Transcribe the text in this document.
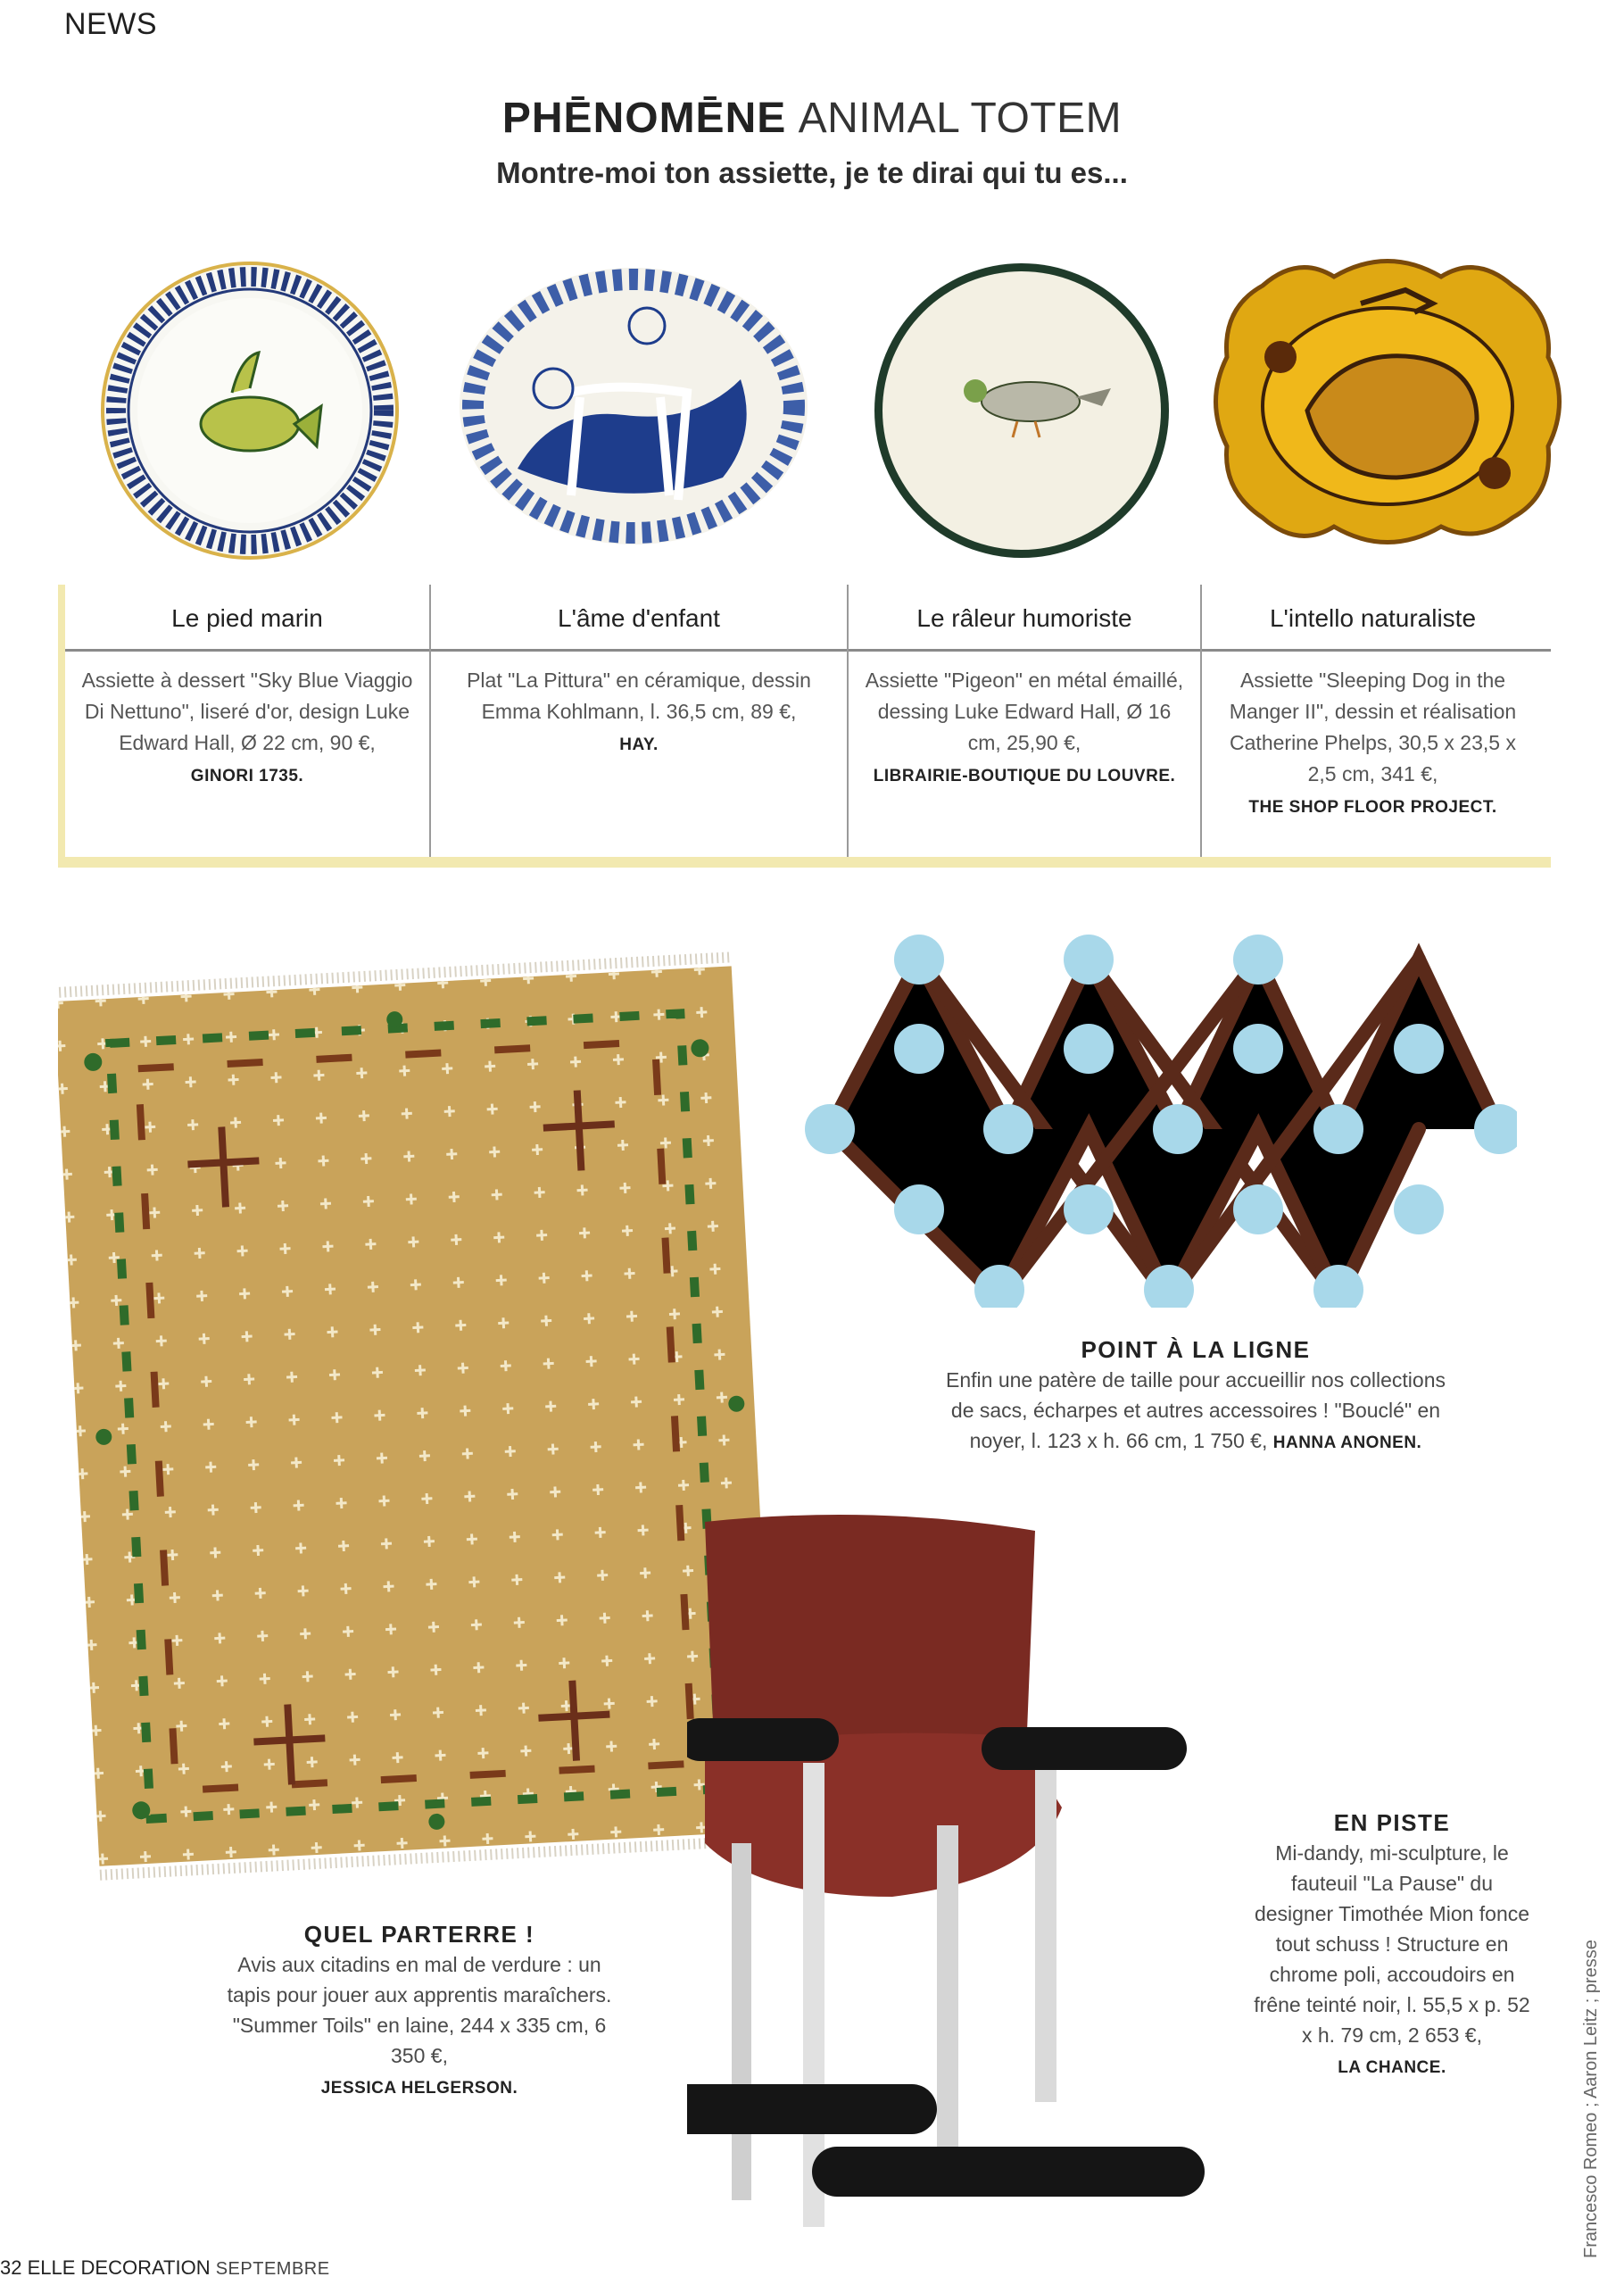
NEWS
PHĒNOMĒNE ANIMAL TOTEM
Montre-moi ton assiette, je te dirai qui tu es...
Le pied marin
Assiette à dessert "Sky Blue Viaggio Di Nettuno", liseré d'or, design Luke Edward Hall, Ø 22 cm, 90 €,
GINORI 1735.
L'âme d'enfant
Plat "La Pittura" en céramique, dessin Emma Kohlmann, l. 36,5 cm, 89 €,
HAY.
Le râleur humoriste
Assiette "Pigeon" en métal émaillé, dessing Luke Edward Hall, Ø 16 cm, 25,90 €,
LIBRAIRIE-BOUTIQUE DU LOUVRE.
L'intello naturaliste
Assiette "Sleeping Dog in the Manger II", dessin et réalisation Catherine Phelps, 30,5 x 23,5 x 2,5 cm, 341 €,
THE SHOP FLOOR PROJECT.
POINT À LA LIGNE
Enfin une patère de taille pour accueillir nos collections de sacs, écharpes et autres accessoires ! "Bouclé" en noyer, l. 123 x h. 66 cm, 1 750 €, HANNA ANONEN.
QUEL PARTERRE !
Avis aux citadins en mal de verdure : un tapis pour jouer aux apprentis maraîchers. "Summer Toils" en laine, 244 x 335 cm, 6 350 €,
JESSICA HELGERSON.
EN PISTE
Mi-dandy, mi-sculpture, le fauteuil "La Pause" du designer Timothée Mion fonce tout schuss ! Structure en chrome poli, accoudoirs en frêne teinté noir, l. 55,5 x p. 52 x h. 79 cm, 2 653 €,
LA CHANCE.	Francesco Romeo ; Aaron Leitz ; presse
32 ELLE DECORATION SEPTEMBRE
